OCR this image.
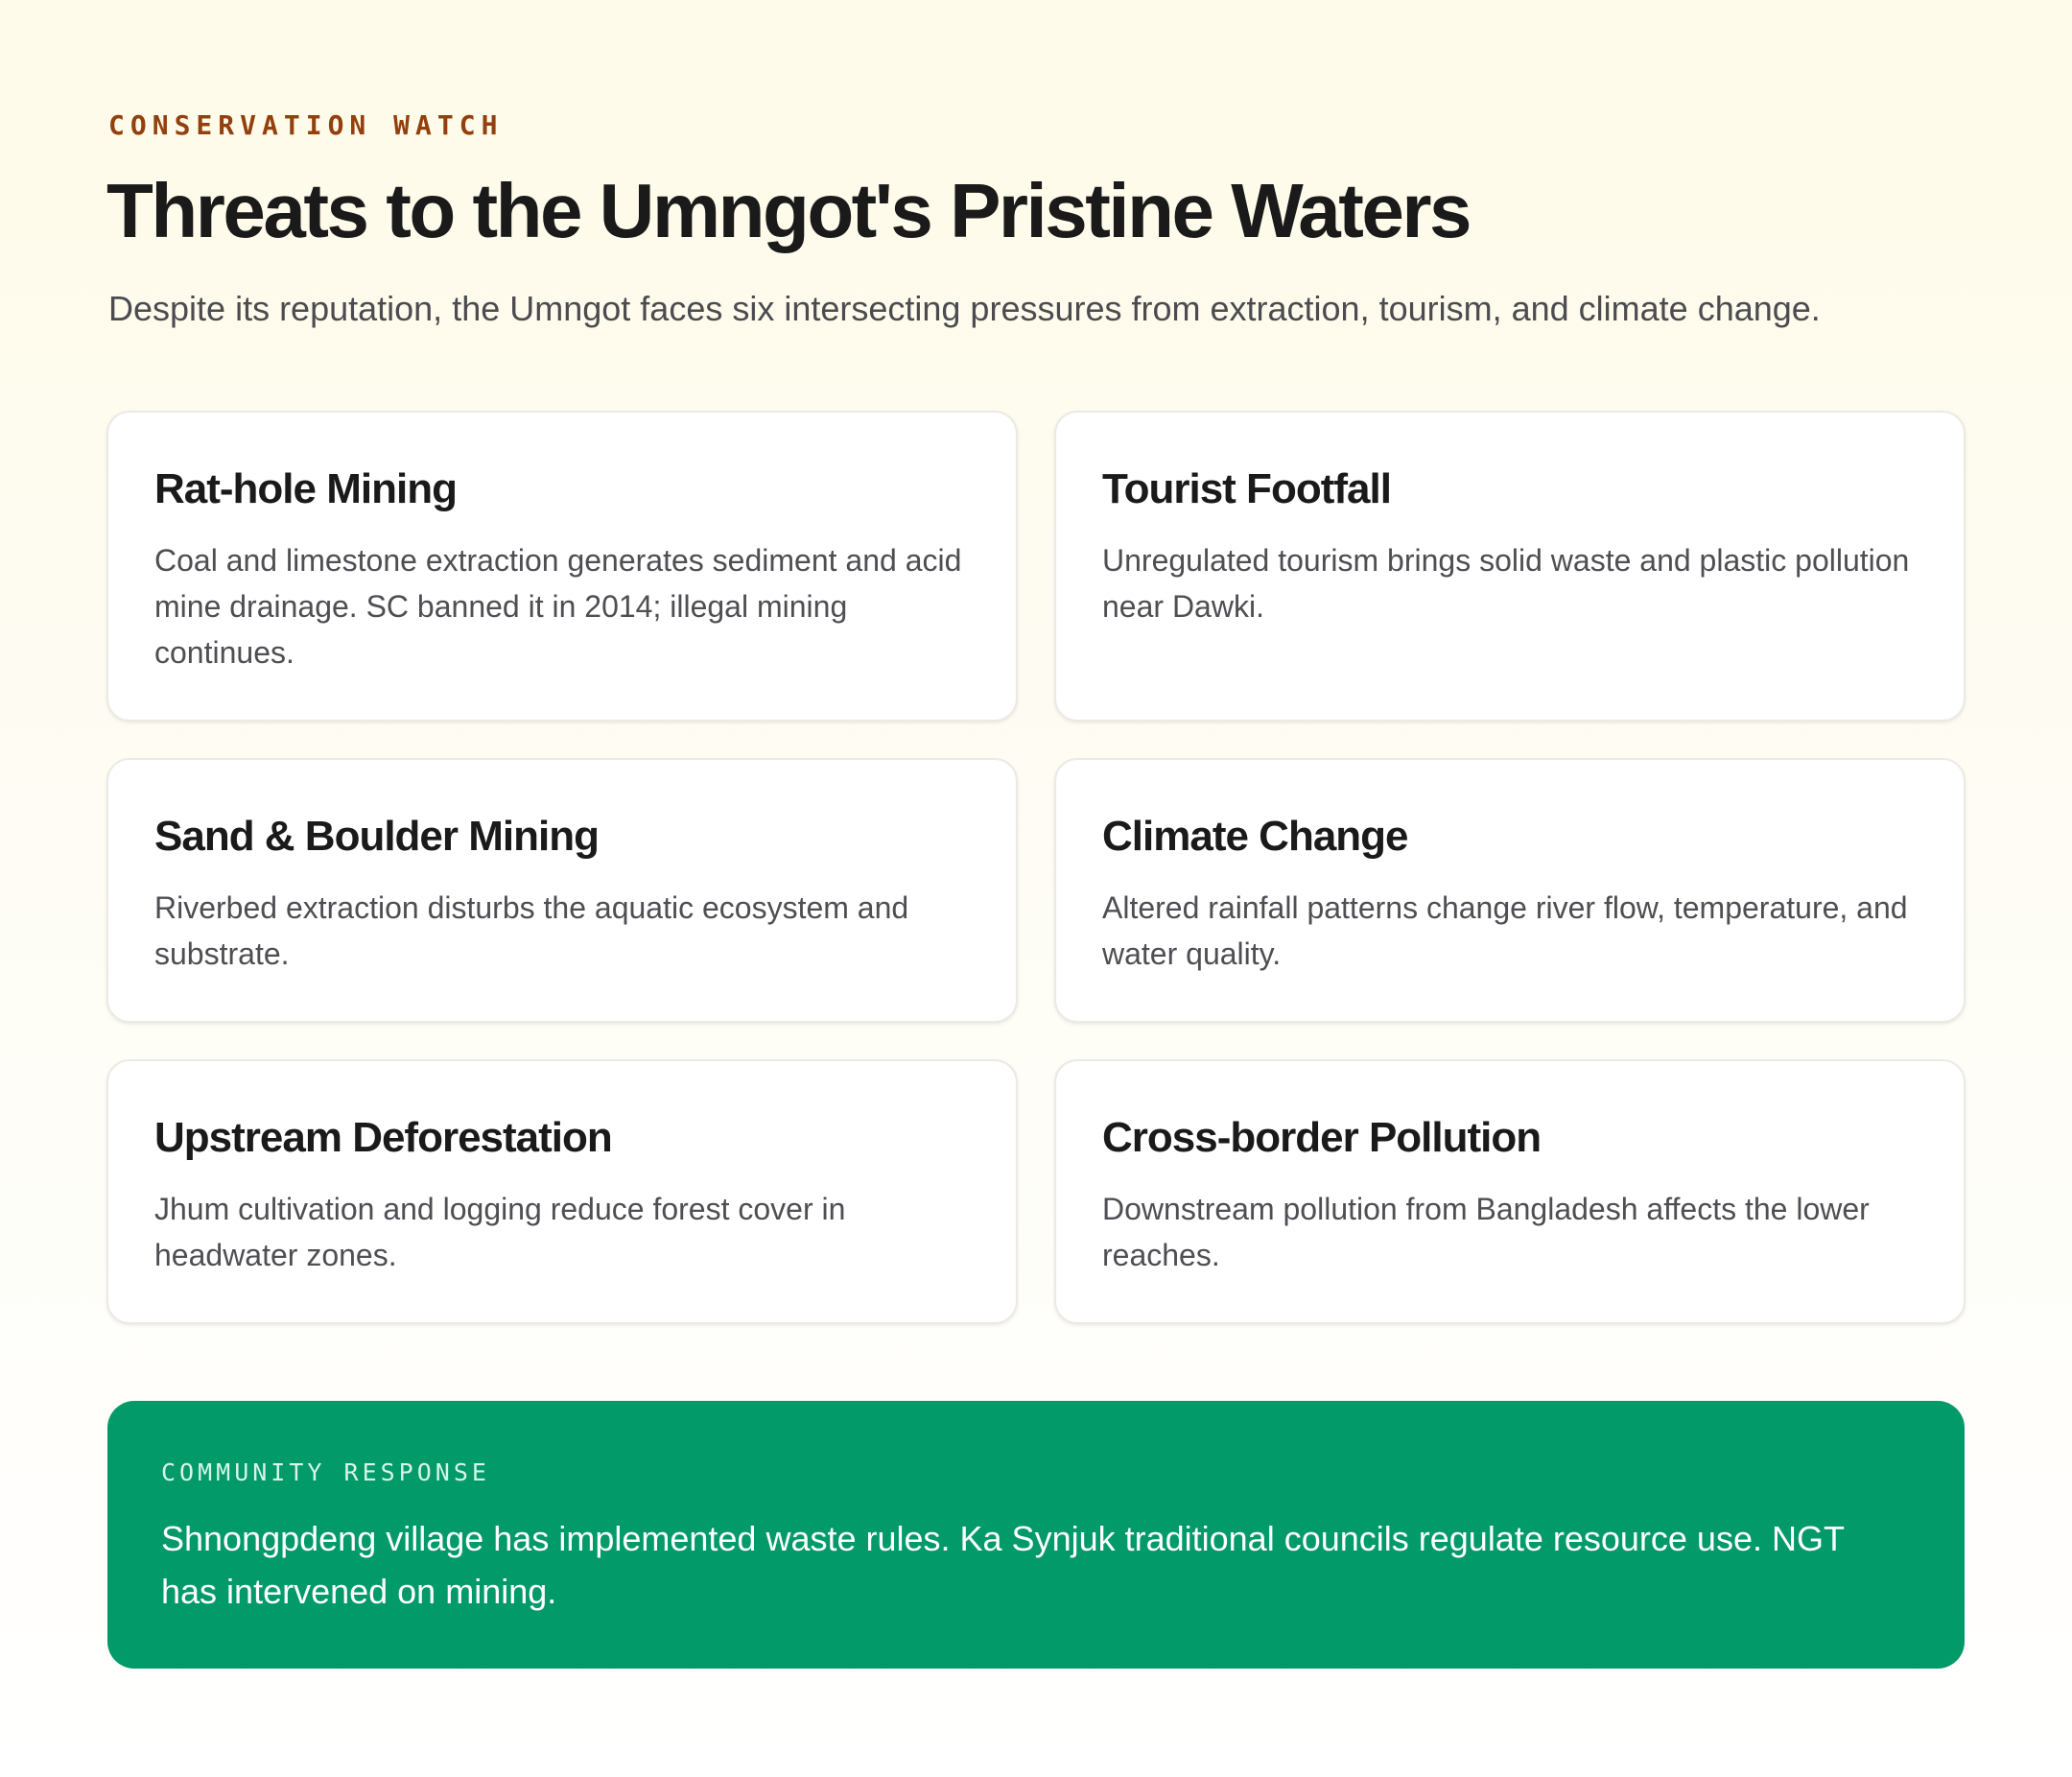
CONSERVATION WATCH

Threats to the Umngot's Pristine Waters

Despite its reputation, the Umngot faces six intersecting pressures from extraction, tourism, and climate change.

Rat-hole Mining

Coal and limestone extraction generates sediment and acid mine drainage. SC banned it in 2014; illegal mining continues.

Tourist Footfall

Unregulated tourism brings solid waste and plastic pollution near Dawki.

Sand & Boulder Mining

Riverbed extraction disturbs the aquatic ecosystem and substrate.

Climate Change

Altered rainfall patterns change river flow, temperature, and water quality.

Upstream Deforestation

Jhum cultivation and logging reduce forest cover in headwater zones.

Cross-border Pollution

Downstream pollution from Bangladesh affects the lower reaches.

COMMUNITY RESPONSE

Shnongpdeng village has implemented waste rules. Ka Synjuk traditional councils regulate resource use. NGT has intervened on mining.
